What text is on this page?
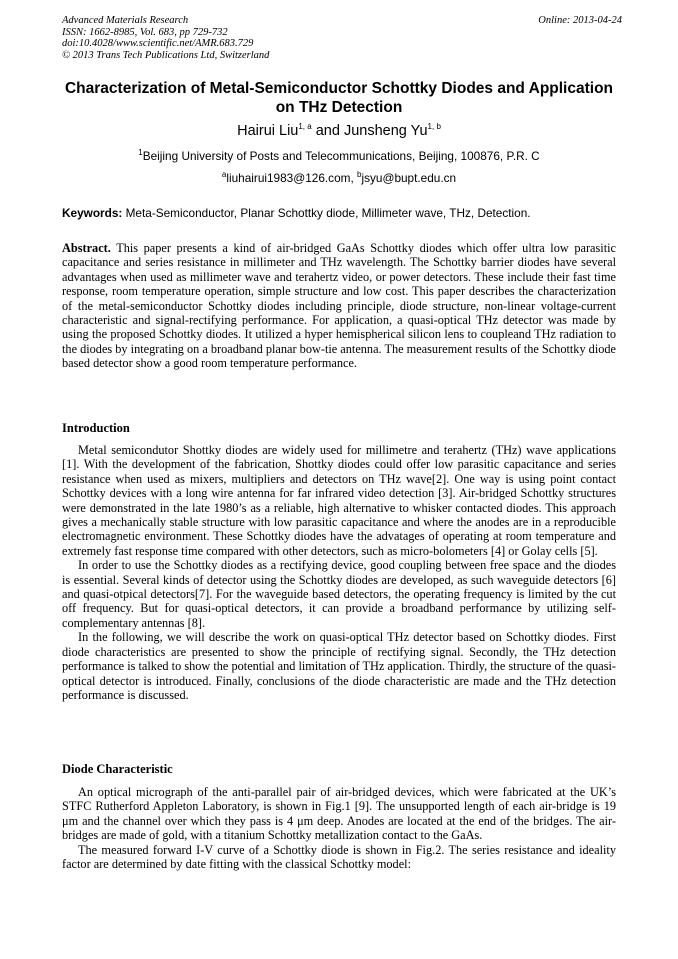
Advanced Materials Research
ISSN: 1662-8985, Vol. 683, pp 729-732
doi:10.4028/www.scientific.net/AMR.683.729
© 2013 Trans Tech Publications Ltd, Switzerland
Online: 2013-04-24
Characterization of Metal-Semiconductor Schottky Diodes and Application on THz Detection
Hairui Liu$^{1, a}$ and Junsheng Yu$^{1, b}$
$^1$Beijing University of Posts and Telecommunications, Beijing, 100876, P.R. C
$^a$liuhairui1983@126.com, $^b$jsyu@bupt.edu.cn
Keywords: Meta-Semiconductor, Planar Schottky diode, Millimeter wave, THz, Detection.
Abstract. This paper presents a kind of air-bridged GaAs Schottky diodes which offer ultra low parasitic capacitance and series resistance in millimeter and THz wavelength. The Schottky barrier diodes have several advantages when used as millimeter wave and terahertz video, or power detectors. These include their fast time response, room temperature operation, simple structure and low cost. This paper describes the characterization of the metal-semiconductor Schottky diodes including principle, diode structure, non-linear voltage-current characteristic and signal-rectifying performance. For application, a quasi-optical THz detector was made by using the proposed Schottky diodes. It utilized a hyper hemispherical silicon lens to coupleand THz radiation to the diodes by integrating on a broadband planar bow-tie antenna. The measurement results of the Schottky diode based detector show a good room temperature performance.
Introduction

Metal semicondutor Shottky diodes are widely used for millimetre and terahertz (THz) wave applications [1]. With the development of the fabrication, Shottky diodes could offer low parasitic capacitance and series resistance when used as mixers, multipliers and detectors on THz wave[2]. One way is using point contact Schottky devices with a long wire antenna for far infrared video detection [3]. Air-bridged Schottky structures were demonstrated in the late 1980’s as a reliable, high alternative to whisker contacted diodes. This approach gives a mechanically stable structure with low parasitic capacitance and where the anodes are in a reproducible electromagnetic environment. These Schottky diodes have the advatages of operating at room temperature and extremely fast response time compared with other detectors, such as micro-bolometers [4] or Golay cells [5].

In order to use the Schottky diodes as a rectifying device, good coupling between free space and the diodes is essential. Several kinds of detector using the Schottky diodes are developed, as such waveguide detectors [6] and quasi-otpical detectors[7]. For the waveguide based detectors, the operating frequency is limited by the cut off frequency. But for quasi-optical detectors, it can provide a broadband performance by utilizing self-complementary antennas [8].

In the following, we will describe the work on quasi-optical THz detector based on Schottky diodes. First diode characteristics are presented to show the principle of rectifying signal. Secondly, the THz detection performance is talked to show the potential and limitation of THz application. Thirdly, the structure of the quasi-optical detector is introduced. Finally, conclusions of the diode characteristic are made and the THz detection performance is discussed.

Diode Characteristic

An optical micrograph of the anti-parallel pair of air-bridged devices, which were fabricated at the UK’s STFC Rutherford Appleton Laboratory, is shown in Fig.1 [9]. The unsupported length of each air-bridge is 19 μm and the channel over which they pass is 4 μm deep. Anodes are located at the end of the bridges. The air-bridges are made of gold, with a titanium Schottky metallization contact to the GaAs.

The measured forward I-V curve of a Schottky diode is shown in Fig.2. The series resistance and ideality factor are determined by date fitting with the classical Schottky model:
